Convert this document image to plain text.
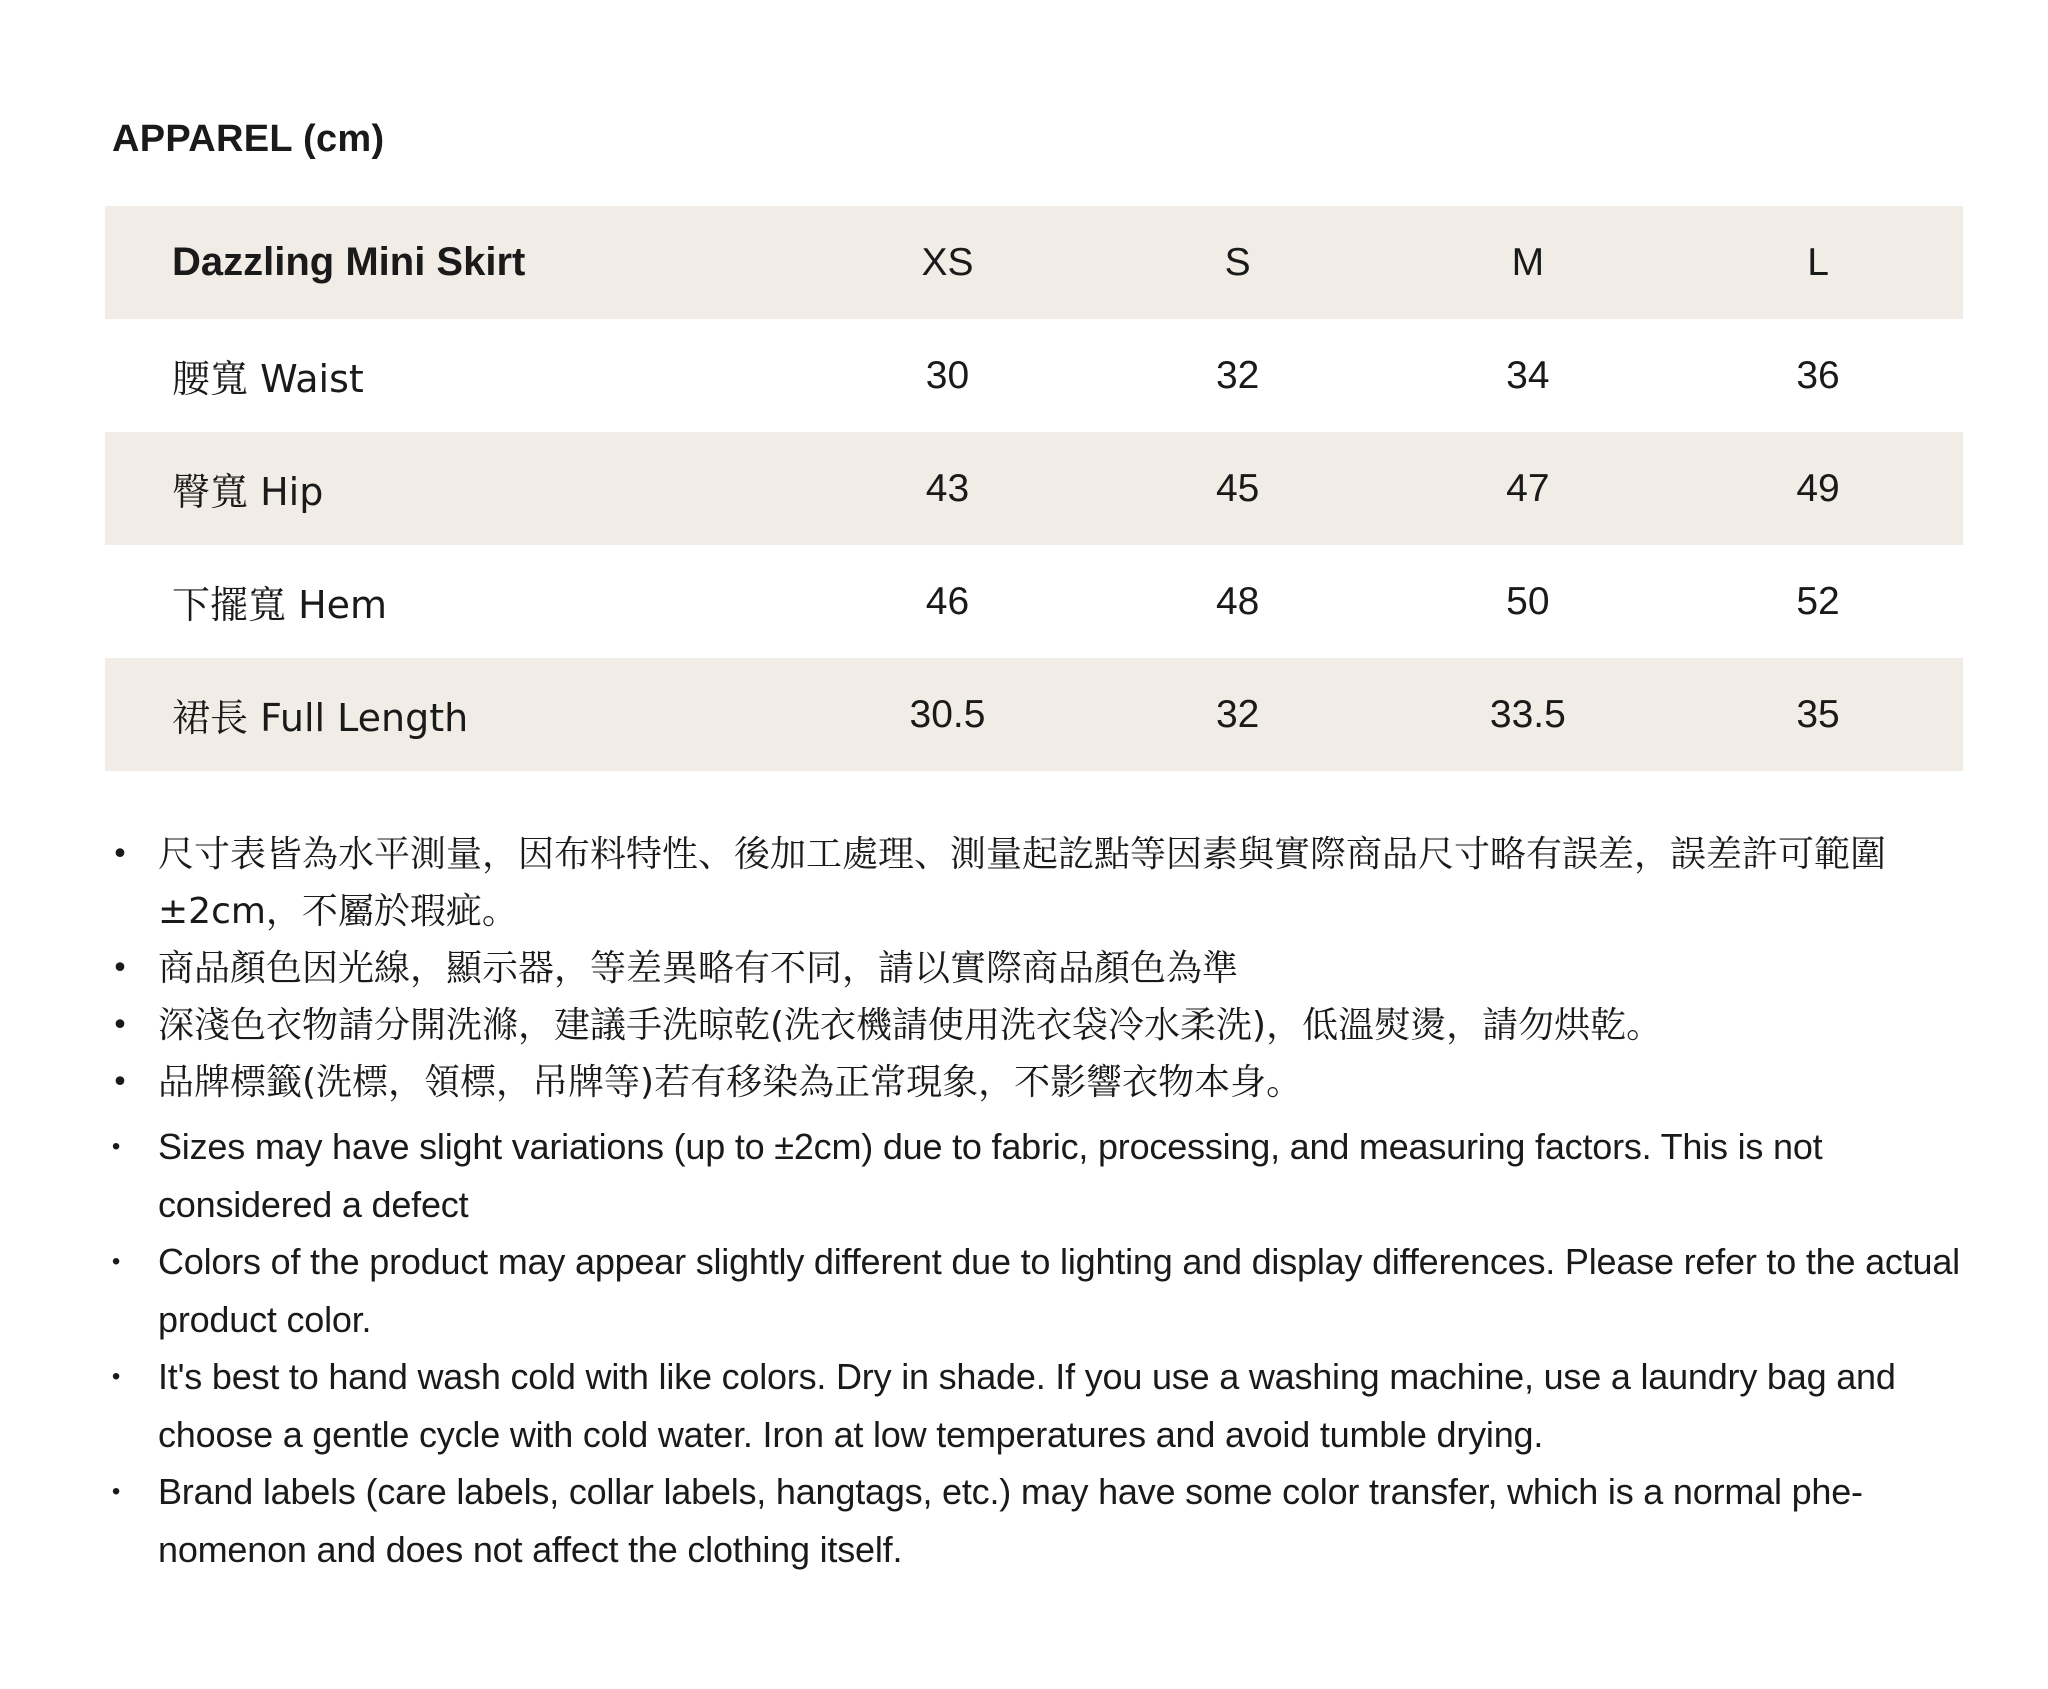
APPAREL (cm)
Dazzling Mini Skirt	XS	S	M	L
腰寬 Waist	30	32	34	36
臀寬 Hip	43	45	47	49
下擺寬 Hem	46	48	50	52
裙長 Full Length	30.5	32	33.5	35
• 尺寸表皆為水平測量，因布料特性、後加工處理、測量起訖點等因素與實際商品尺寸略有誤差，誤差許可範圍±2cm，不屬於瑕疵。
• 商品顏色因光線，顯示器，等差異略有不同，請以實際商品顏色為準
• 深淺色衣物請分開洗滌，建議手洗晾乾(洗衣機請使用洗衣袋冷水柔洗)，低溫熨燙，請勿烘乾。
• 品牌標籤(洗標，領標，吊牌等)若有移染為正常現象，不影響衣物本身。
• Sizes may have slight variations (up to ±2cm) due to fabric, processing, and measuring factors. This is not considered a defect
• Colors of the product may appear slightly different due to lighting and display differences. Please refer to the actual product color.
• It's best to hand wash cold with like colors. Dry in shade. If you use a washing machine, use a laundry bag and choose a gentle cycle with cold water. Iron at low temperatures and avoid tumble drying.
• Brand labels (care labels, collar labels, hangtags, etc.) may have some color transfer, which is a normal phe-nomenon and does not affect the clothing itself.
